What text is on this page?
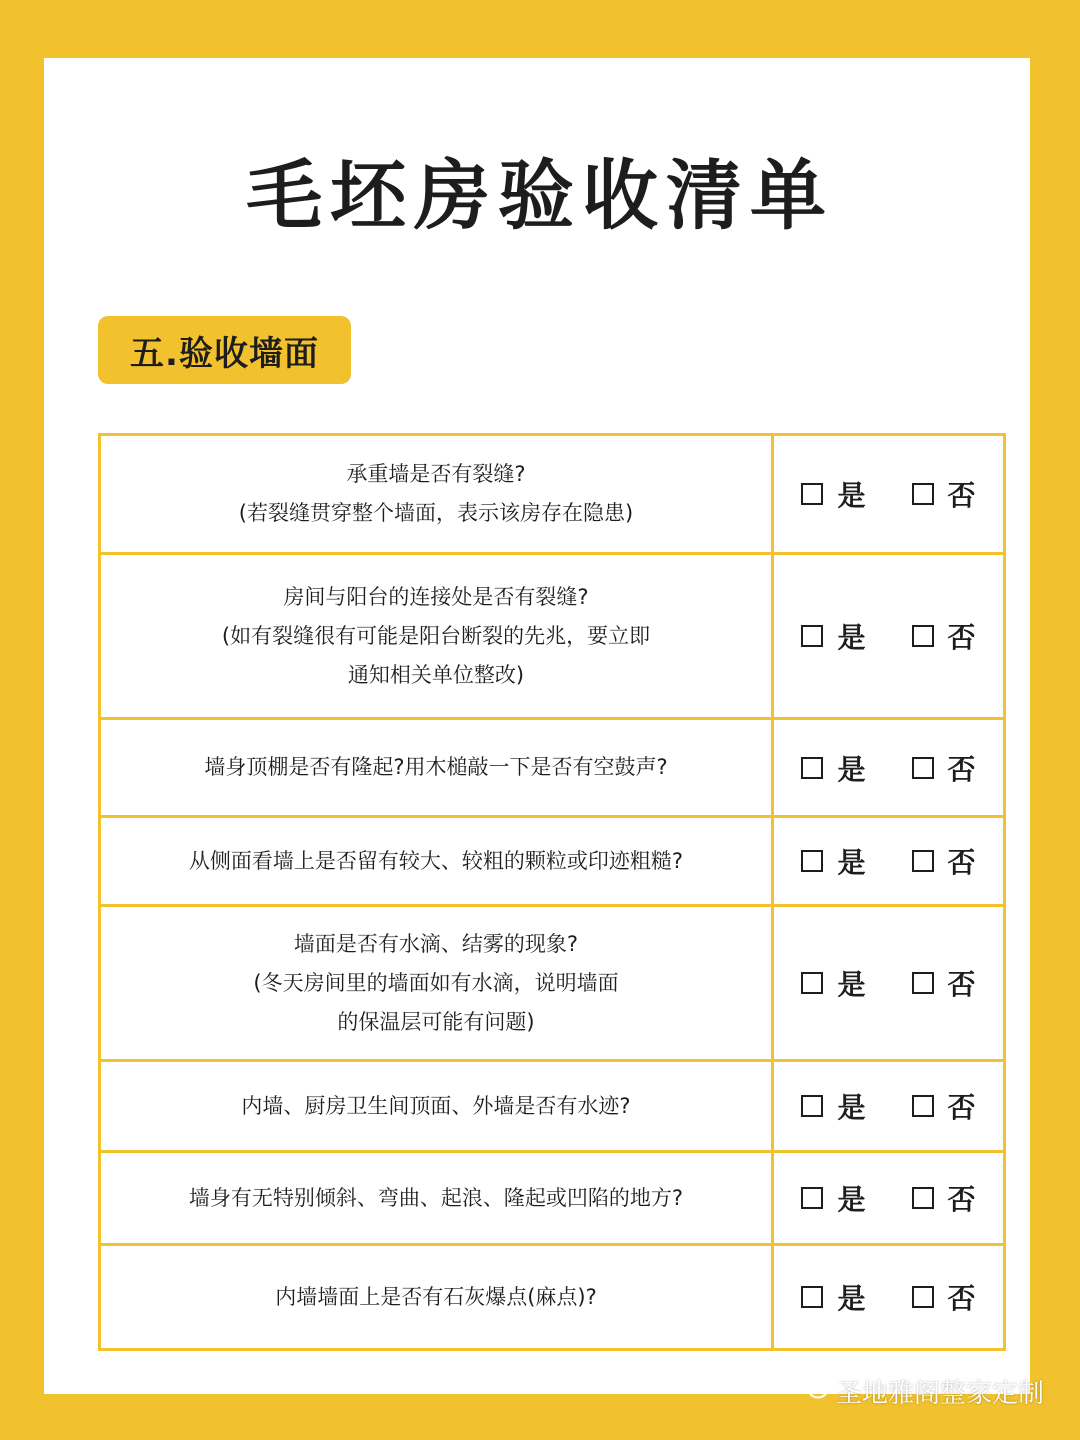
毛坯房验收清单
五.验收墙面
承重墙是否有裂缝?
(若裂缝贯穿整个墙面，表示该房存在隐患)	是 否

房间与阳台的连接处是否有裂缝?
(如有裂缝很有可能是阳台断裂的先兆，要立即
通知相关单位整改)	是 否

墙身顶棚是否有隆起?用木槌敲一下是否有空鼓声?	是 否

从侧面看墙上是否留有较大、较粗的颗粒或印迹粗糙?	是 否

墙面是否有水滴、结雾的现象?
(冬天房间里的墙面如有水滴，说明墙面
的保温层可能有问题)	是 否

内墙、厨房卫生间顶面、外墙是否有水迹?	是 否

墙身有无特别倾斜、弯曲、起浪、隆起或凹陷的地方?	是 否

内墙墙面上是否有石灰爆点(麻点)?	是 否
圣地雅阁整家定制
